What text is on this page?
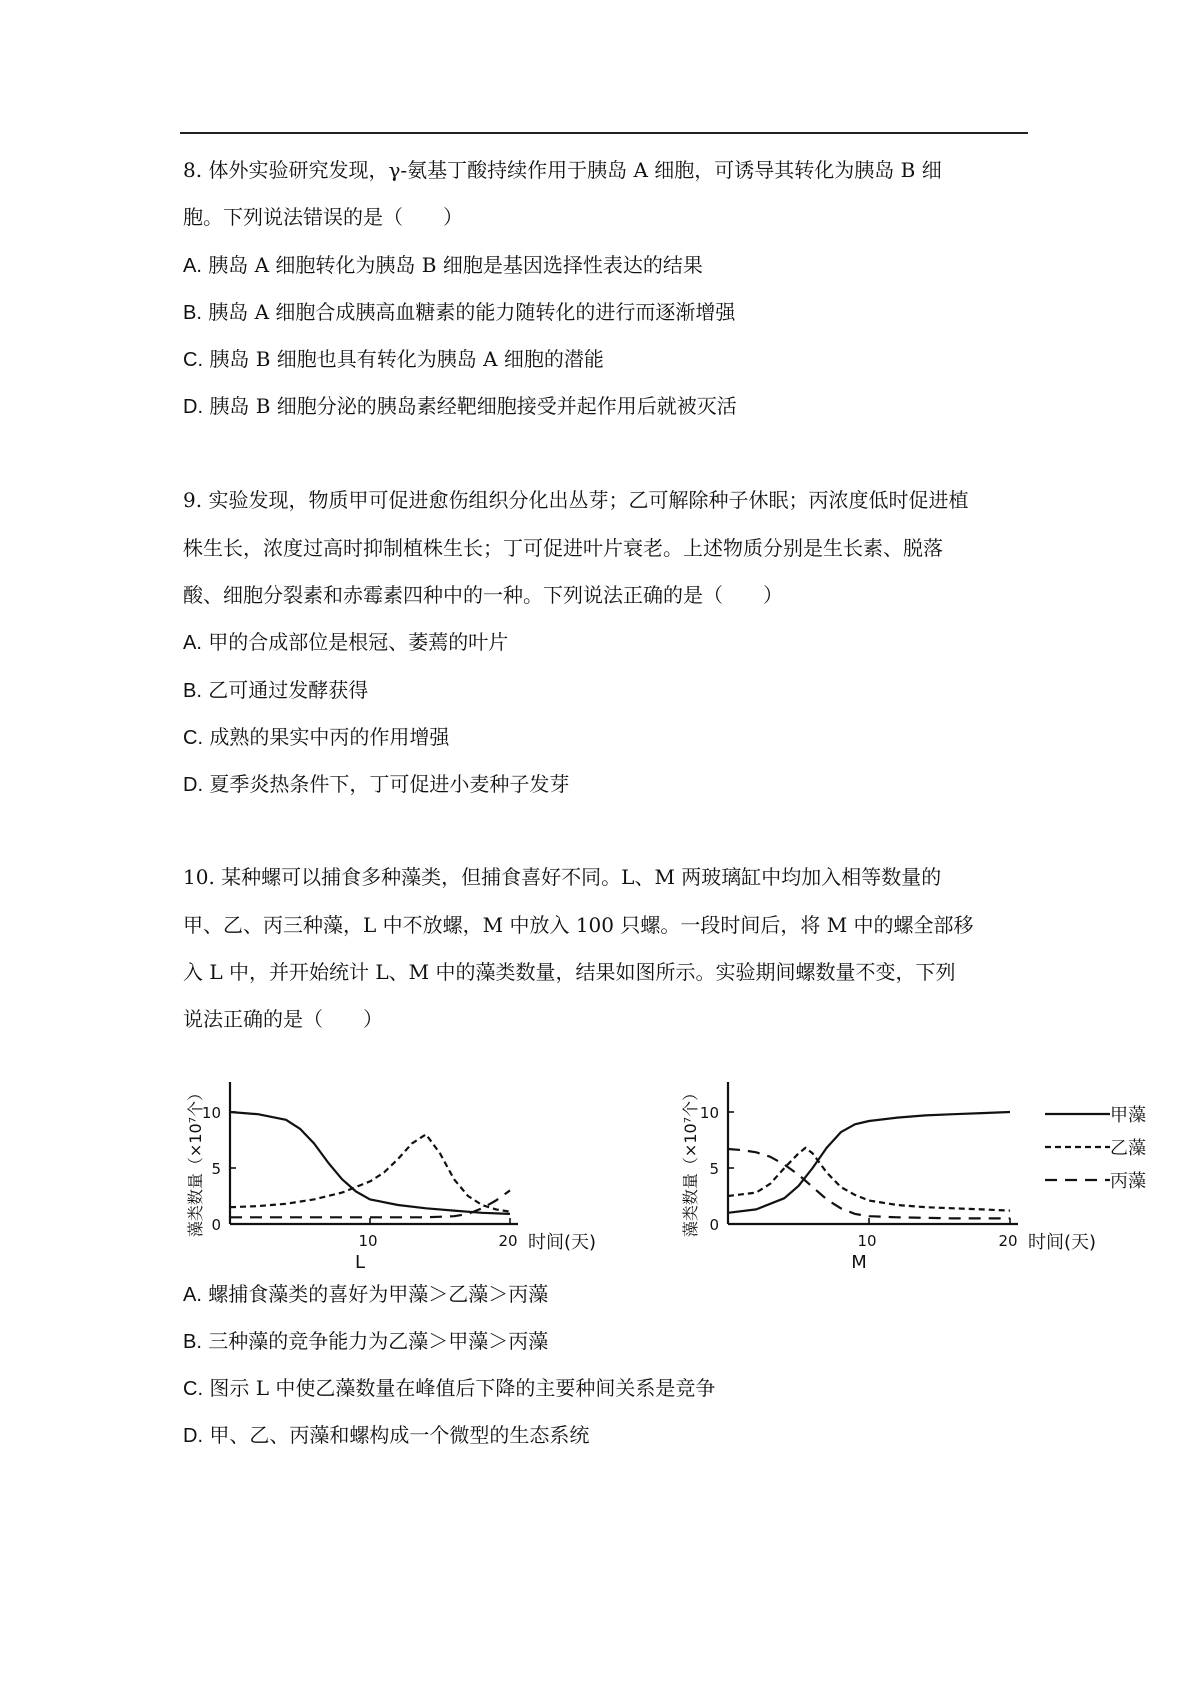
8. 体外实验研究发现，γ-氨基丁酸持续作用于胰岛 A 细胞，可诱导其转化为胰岛 B 细

胞。下列说法错误的是（　　）

A. 胰岛 A 细胞转化为胰岛 B 细胞是基因选择性表达的结果

B. 胰岛 A 细胞合成胰高血糖素的能力随转化的进行而逐渐增强

C. 胰岛 B 细胞也具有转化为胰岛 A 细胞的潜能

D. 胰岛 B 细胞分泌的胰岛素经靶细胞接受并起作用后就被灭活

9. 实验发现，物质甲可促进愈伤组织分化出丛芽；乙可解除种子休眠；丙浓度低时促进植

株生长，浓度过高时抑制植株生长；丁可促进叶片衰老。上述物质分别是生长素、脱落

酸、细胞分裂素和赤霉素四种中的一种。下列说法正确的是（　　）

A. 甲的合成部位是根冠、萎蔫的叶片

B. 乙可通过发酵获得

C. 成熟的果实中丙的作用增强

D. 夏季炎热条件下，丁可促进小麦种子发芽

10. 某种螺可以捕食多种藻类，但捕食喜好不同。L、M 两玻璃缸中均加入相等数量的

甲、乙、丙三种藻，L 中不放螺，M 中放入 100 只螺。一段时间后，将 M 中的螺全部移

入 L 中，并开始统计 L、M 中的藻类数量，结果如图所示。实验期间螺数量不变，下列

说法正确的是（　　）

0
5
10
10	20 时间(天)
L
藻类数量（×10⁷个）	0
5
10
10	20 时间(天)
M
藻类数量（×10⁷个）	甲藻
乙藻
丙藻

A. 螺捕食藻类的喜好为甲藻＞乙藻＞丙藻

B. 三种藻的竞争能力为乙藻＞甲藻＞丙藻

C. 图示 L 中使乙藻数量在峰值后下降的主要种间关系是竞争

D. 甲、乙、丙藻和螺构成一个微型的生态系统
